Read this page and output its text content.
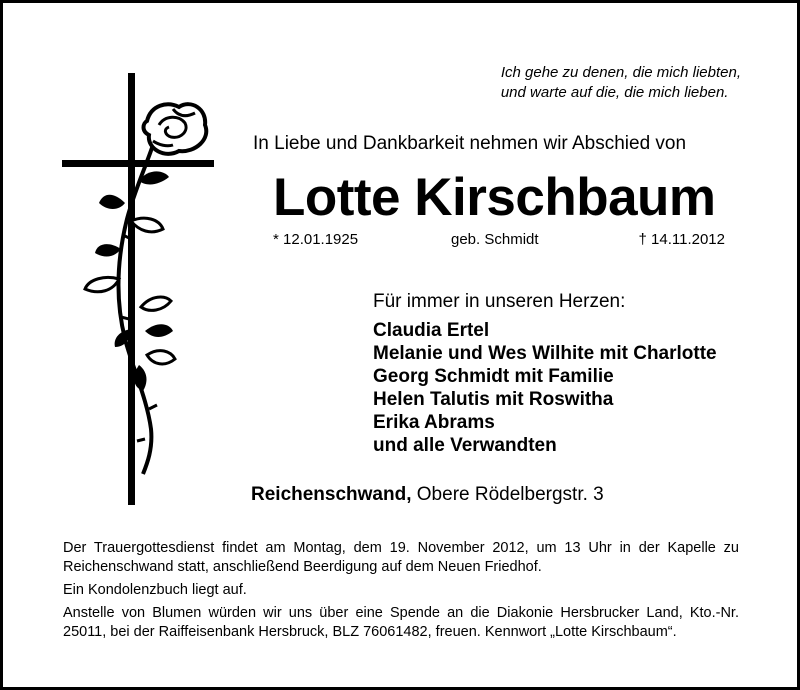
Ich gehe zu denen, die mich liebten,
und warte auf die, die mich lieben.
In Liebe und Dankbarkeit nehmen wir Abschied von
Lotte Kirschbaum
* 12.01.1925	geb. Schmidt	† 14.11.2012
Für immer in unseren Herzen:
Claudia Ertel
Melanie und Wes Wilhite mit Charlotte
Georg Schmidt mit Familie
Helen Talutis mit Roswitha
Erika Abrams
und alle Verwandten
Reichenschwand, Obere Rödelbergstr. 3

Der Trauergottesdienst findet am Montag, dem 19. November 2012, um 13 Uhr in der Kapelle zu Reichenschwand statt, anschließend Beerdigung auf dem Neuen Friedhof.

Ein Kondolenzbuch liegt auf.

Anstelle von Blumen würden wir uns über eine Spende an die Diakonie Hersbrucker Land, Kto.-Nr. 25011, bei der Raiffeisenbank Hersbruck, BLZ 76061482, freuen. Kennwort „Lotte Kirschbaum“.
